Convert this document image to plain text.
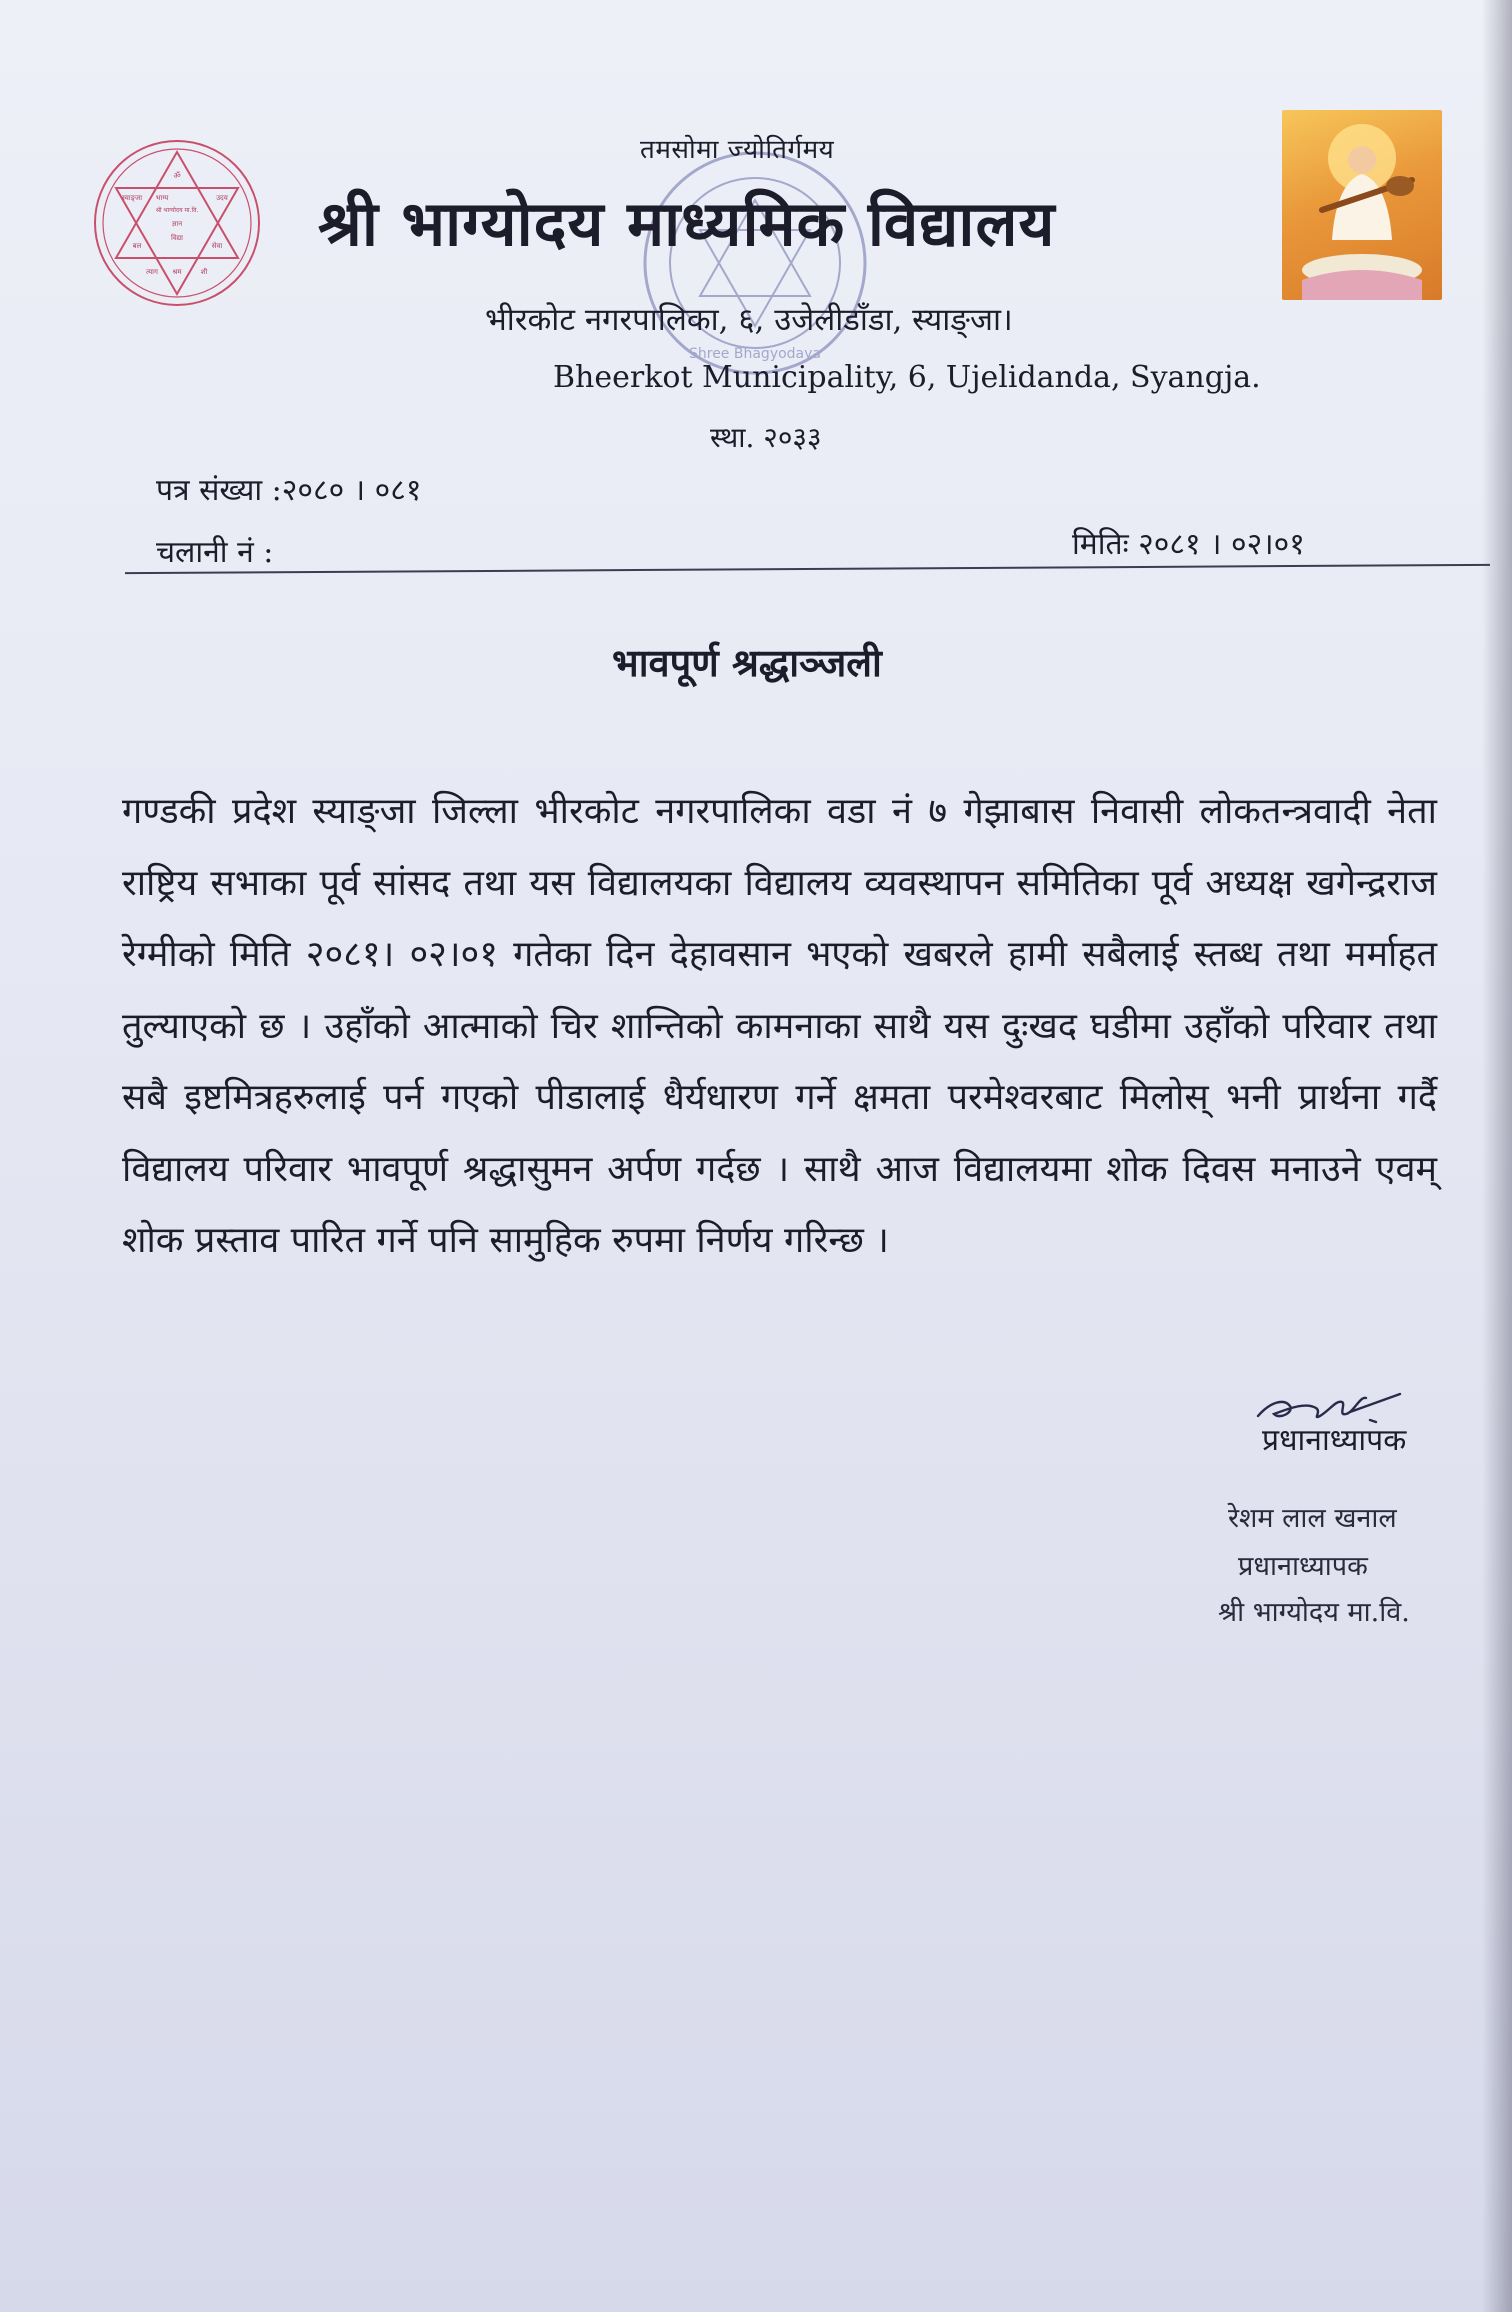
ॐ
भाग्य
श्री भाग्योदय मा.वि.
उदय
ज्ञान
स्याङ्जा
विद्या
बल	सेवा
त्याग श्रम	शी
Shree Bhagyodaya
तमसोमा ज्योतिर्गमय
श्री भाग्योदय माध्यमिक विद्यालय
भीरकोट नगरपालिका, ६, उजेलीडाँडा, स्याङ्जा।
Bheerkot Municipality, 6, Ujelidanda, Syangja.
स्था. २०३३
पत्र संख्या :२०८० । ०८१
चलानी नं :	मितिः २०८१ । ०२।०१
भावपूर्ण श्रद्धाञ्जली
गण्डकी प्रदेश स्याङ्जा जिल्ला भीरकोट नगरपालिका वडा नं ७ गेझाबास निवासी लोकतन्त्रवादी नेता राष्ट्रिय सभाका पूर्व सांसद तथा यस विद्यालयका विद्यालय व्यवस्थापन समितिका पूर्व अध्यक्ष खगेन्द्रराज रेग्मीको मिति २०८१। ०२।०१ गतेका दिन देहावसान भएको खबरले हामी सबैलाई स्तब्ध तथा मर्माहत तुल्याएको छ । उहाँको आत्माको चिर शान्तिको कामनाका साथै यस दुःखद घडीमा उहाँको परिवार तथा सबै इष्टमित्रहरुलाई पर्न गएको पीडालाई धैर्यधारण गर्ने क्षमता परमेश्वरबाट मिलोस् भनी प्रार्थना गर्दै विद्यालय परिवार भावपूर्ण श्रद्धासुमन अर्पण गर्दछ । साथै आज विद्यालयमा शोक दिवस मनाउने एवम् शोक प्रस्ताव पारित गर्ने पनि सामुहिक रुपमा निर्णय गरिन्छ ।
प्रधानाध्यापक
रेशम लाल खनाल
प्रधानाध्यापक
श्री भाग्योदय मा.वि.
